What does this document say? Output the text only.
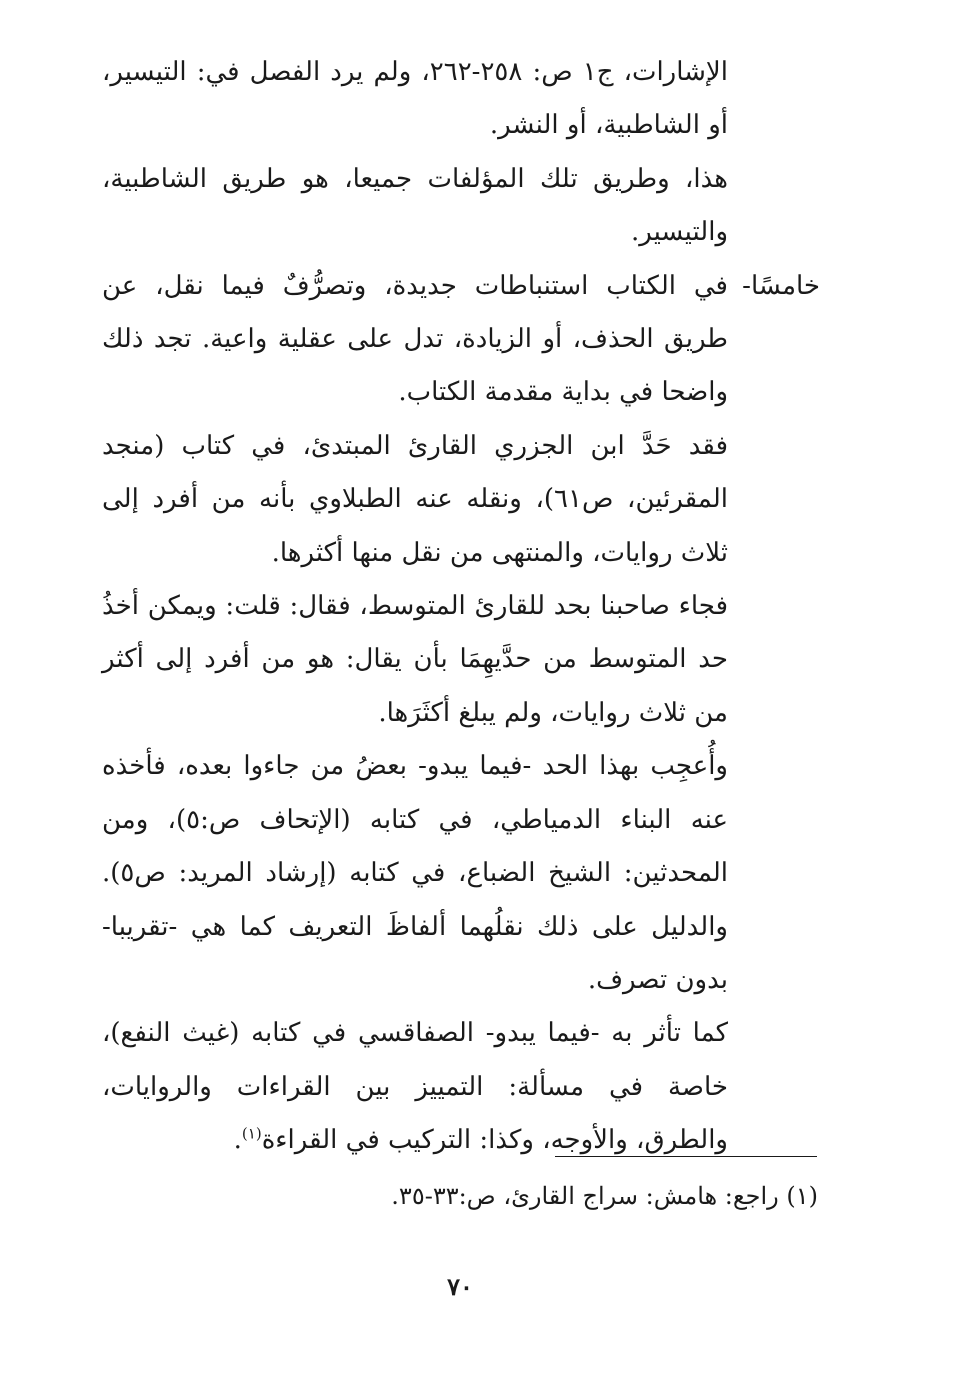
الإشارات، ج١ ص: ٢٥٨-٢٦٢، ولم يرد الفصل في: التيسير، أو الشاطبية، أو النشر.

هذا، وطريق تلك المؤلفات جميعا، هو طريق الشاطبية، والتيسير.

خامسًا-
في الكتاب استنباطات جديدة، وتصرُّفٌ فيما نقل، عن طريق الحذف، أو الزيادة، تدل على عقلية واعية. تجد ذلك واضحا في بداية مقدمة الكتاب.

فقد حَدَّ ابن الجزري القارئ المبتدئ، في كتاب (منجد المقرئين، ص٦١)، ونقله عنه الطبلاوي بأنه من أفرد إلى ثلاث روايات، والمنتهى من نقل منها أكثرها.

فجاء صاحبنا بحد للقارئ المتوسط، فقال: قلت: ويمكن أخذُ حد المتوسط من حدَّيهِمَا بأن يقال: هو من أفرد إلى أكثر من ثلاث روايات، ولم يبلغ أكثَرَها.

وأُعجِب بهذا الحد -فيما يبدو- بعضُ من جاءوا بعده، فأخذه عنه البناء الدمياطي، في كتابه (الإتحاف ص:٥)، ومن المحدثين: الشيخ الضباع، في كتابه (إرشاد المريد: ص٥). والدليل على ذلك نقلُهما ألفاظَ التعريف كما هي -تقريبا- بدون تصرف.

كما تأثر به -فيما يبدو- الصفاقسي في كتابه (غيث النفع)، خاصة في مسألة: التمييز بين القراءات والروايات، والطرق، والأوجه، وكذا: التركيب في القراءة$^{(١)}$.

(١) راجع: هامش: سراج القارئ، ص:٣٣-٣٥.
٧٠
